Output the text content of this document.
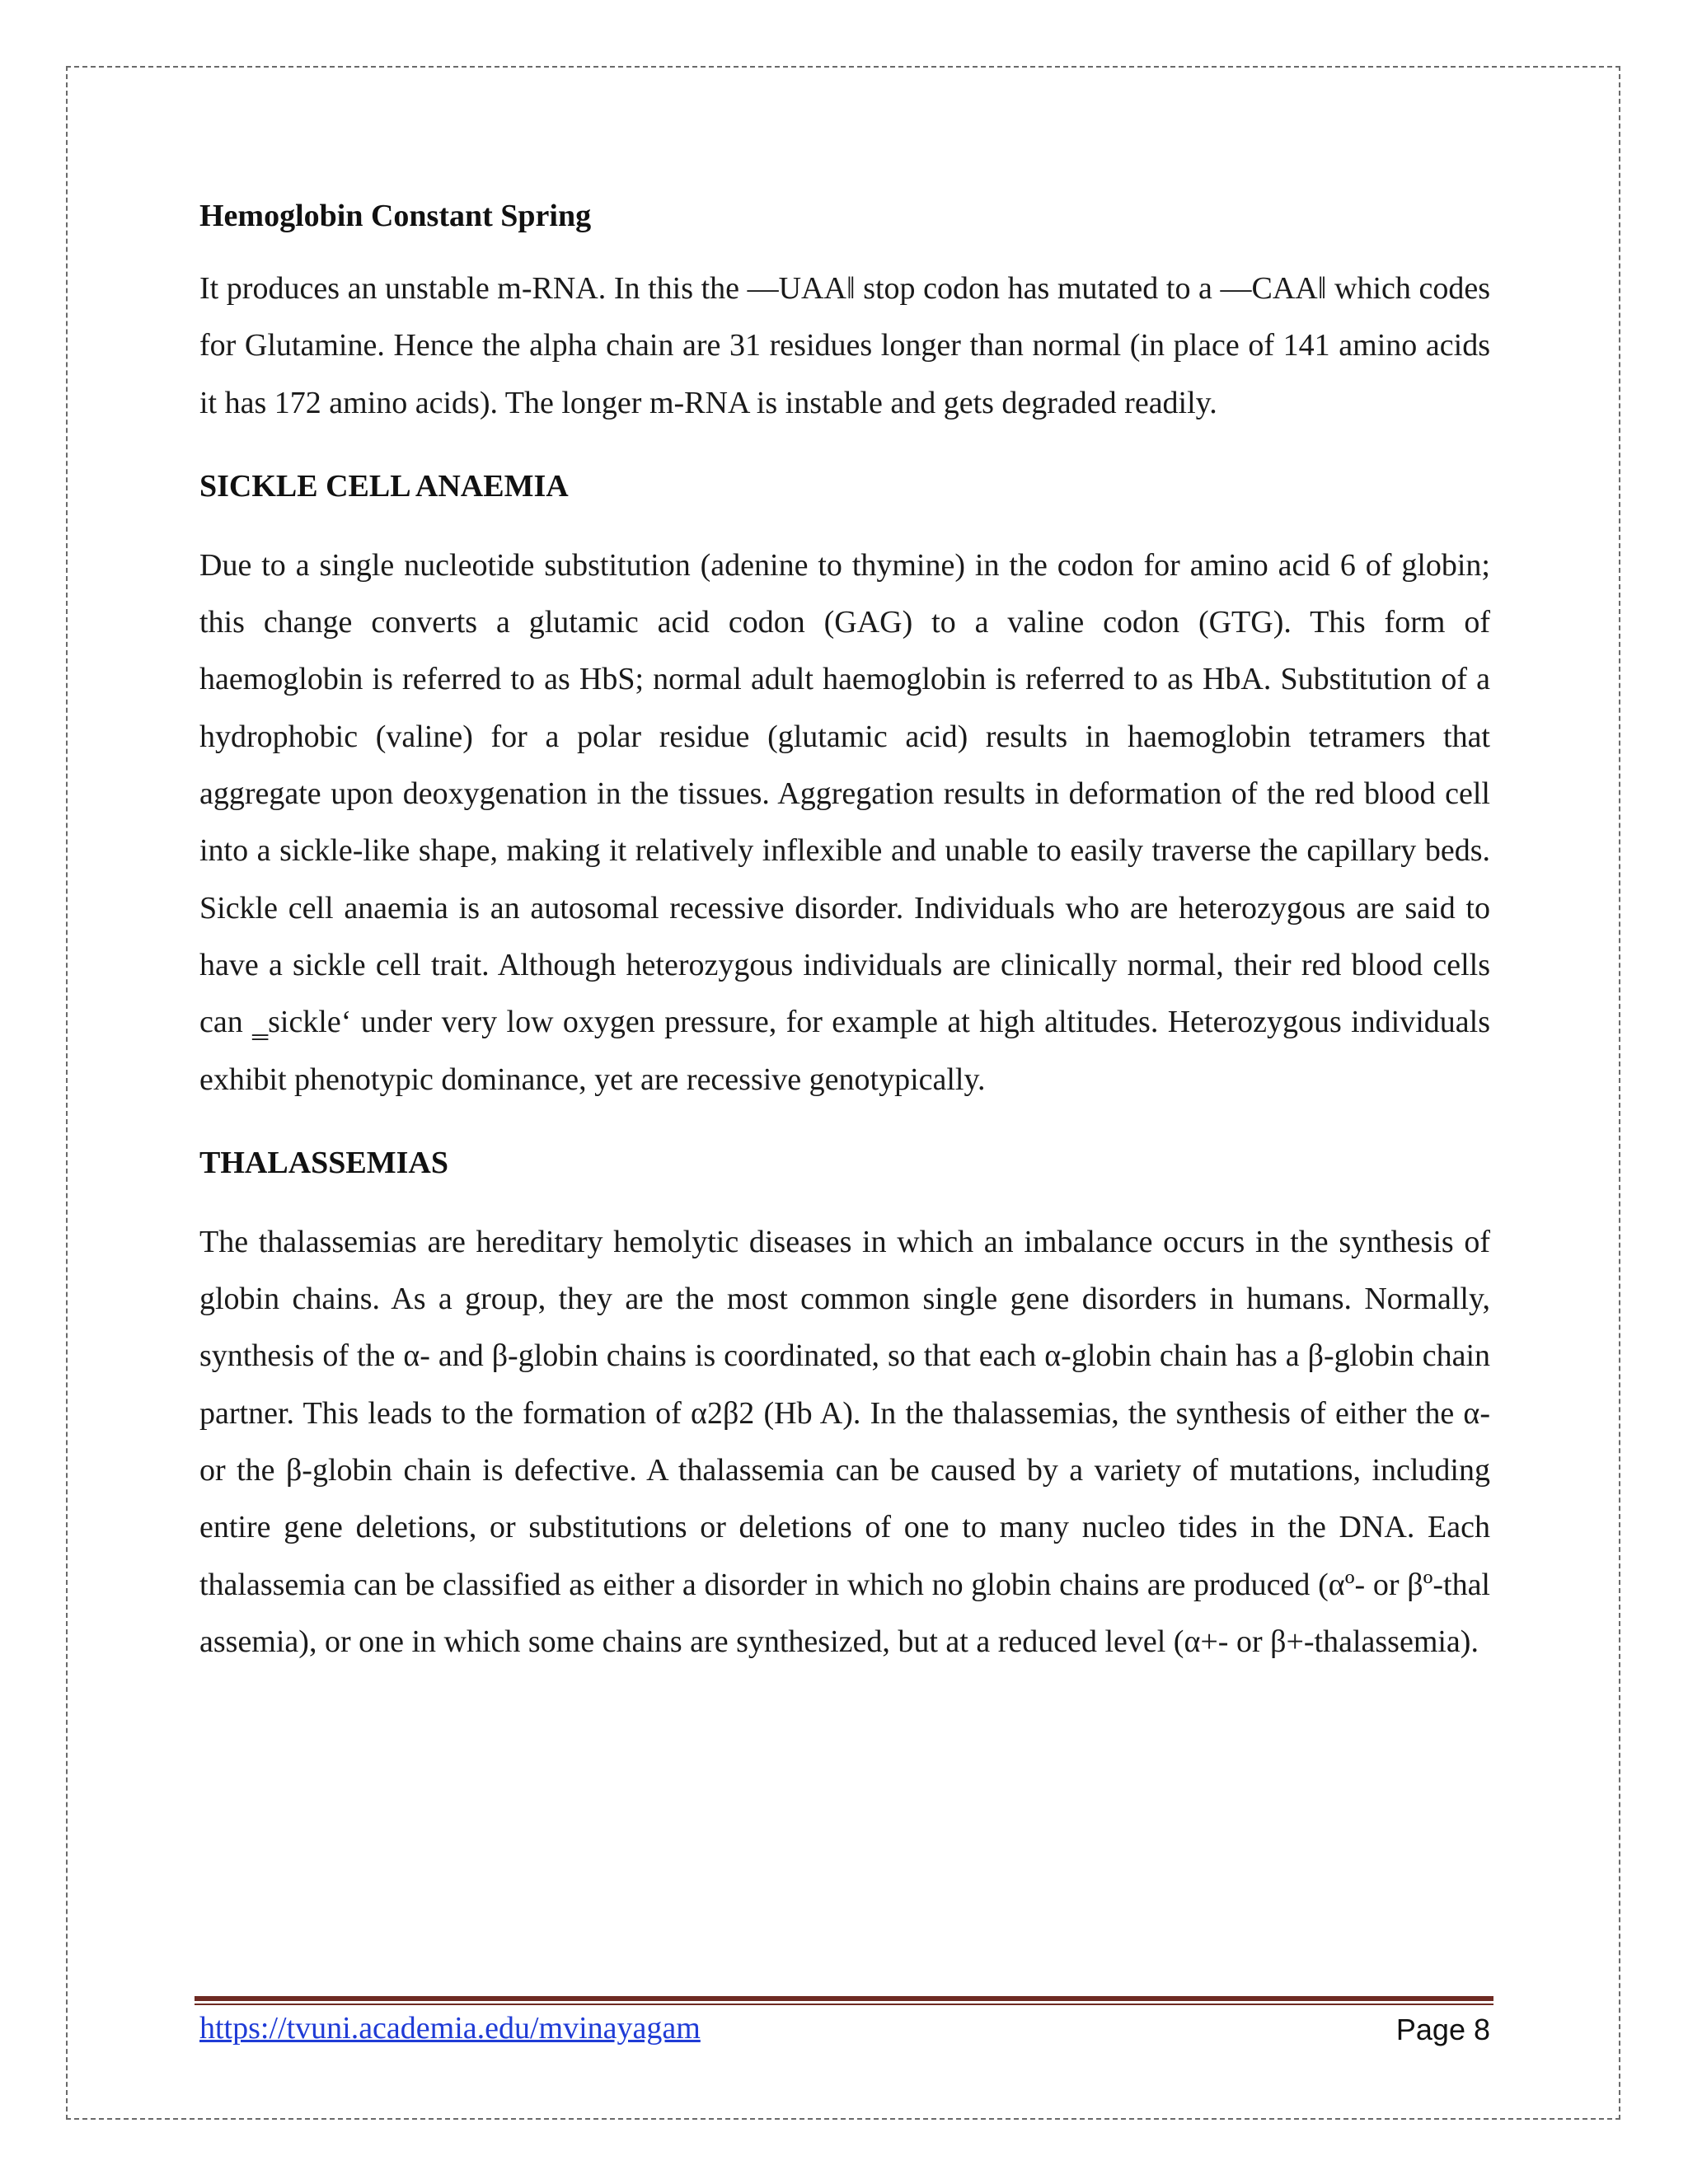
Hemoglobin Constant Spring

It produces an unstable m-RNA. In this the ―UAA‖ stop codon has mutated to a ―CAA‖ which codes for Glutamine. Hence the alpha chain are 31 residues longer than normal (in place of 141 amino acids it has 172 amino acids). The longer m-RNA is instable and gets degraded readily.

SICKLE CELL ANAEMIA

Due to a single nucleotide substitution (adenine to thymine) in the codon for amino acid 6 of globin; this change converts a glutamic acid codon (GAG) to a valine codon (GTG). This form of haemoglobin is referred to as HbS; normal adult haemoglobin is referred to as HbA. Substitution of a hydrophobic (valine) for a polar residue (glutamic acid) results in haemoglobin tetramers that aggregate upon deoxygenation in the tissues. Aggregation results in deformation of the red blood cell into a sickle-like shape, making it relatively inflexible and unable to easily traverse the capillary beds. Sickle cell anaemia is an autosomal recessive disorder. Individuals who are heterozygous are said to have a sickle cell trait. Although heterozygous individuals are clinically normal, their red blood cells can ‗sickle‘ under very low oxygen pressure, for example at high altitudes. Heterozygous individuals exhibit phenotypic dominance, yet are recessive genotypically.

THALASSEMIAS

The thalassemias are hereditary hemolytic diseases in which an imbalance occurs in the synthesis of globin chains. As a group, they are the most common single gene disorders in humans. Normally, synthesis of the α- and β-globin chains is coordinated, so that each α-globin chain has a β-globin chain partner. This leads to the formation of α2β2 (Hb A). In the thalassemias, the synthesis of either the α- or the β-globin chain is defective. A thalassemia can be caused by a variety of mutations, including entire gene deletions, or substitutions or deletions of one to many nucleo tides in the DNA. Each thalassemia can be classified as either a disorder in which no globin chains are produced (αº- or βº-thal assemia), or one in which some chains are synthesized, but at a reduced level (α+- or β+-thalassemia).

https://tvuni.academia.edu/mvinayagam	Page 8
